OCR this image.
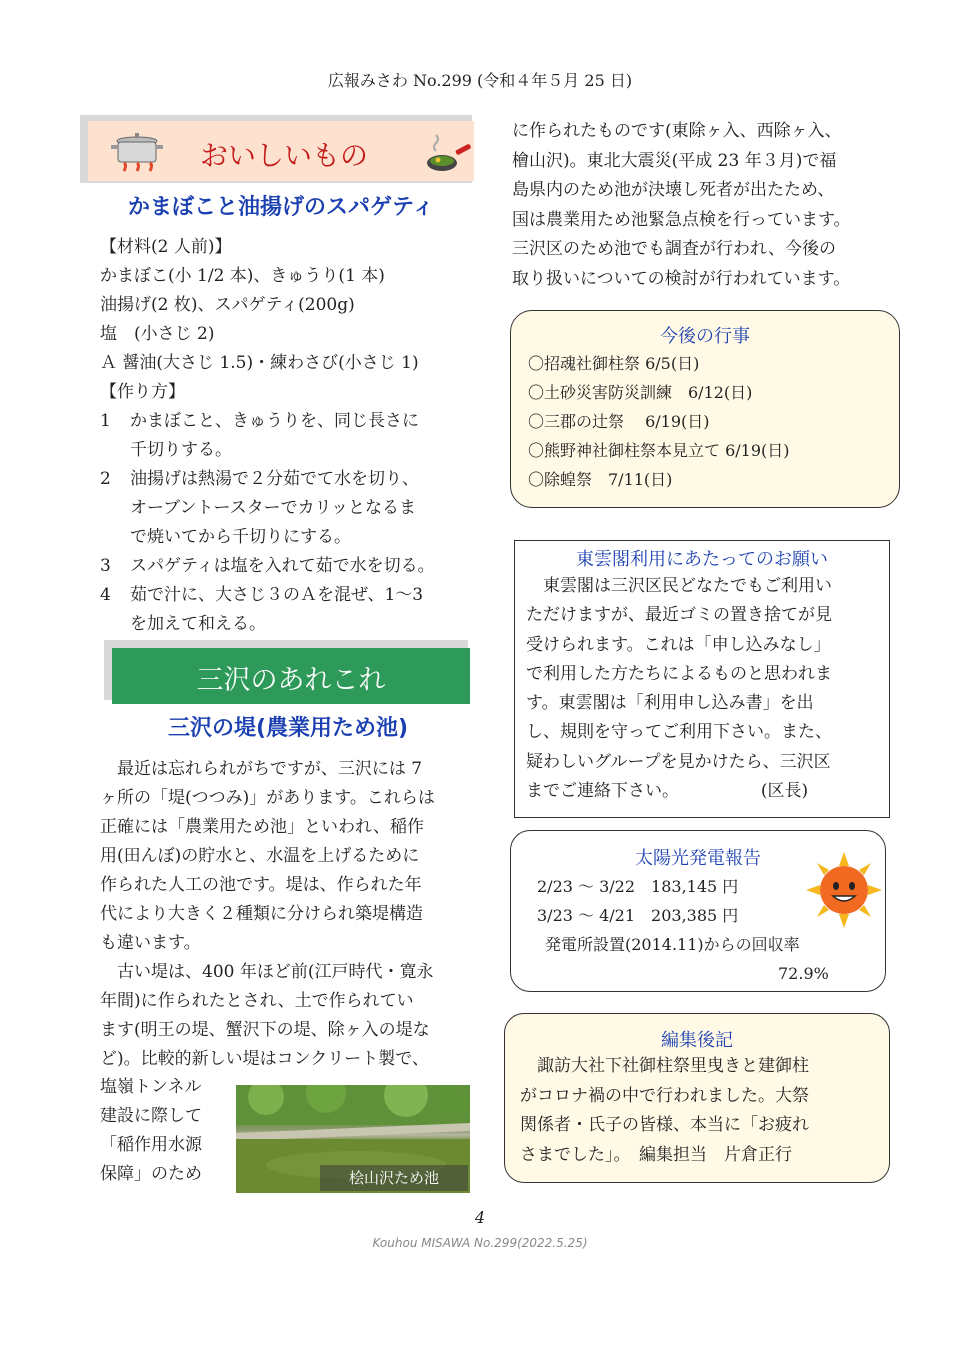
広報みさわ No.299 (令和４年５月 25 日)
おいしいもの
かまぼこと油揚げのスパゲティ
【材料(2 人前)】
かまぼこ(小 1/2 本)、きゅうり(1 本)
油揚げ(2 枚)、スパゲティ(200g)
塩　(小さじ 2)
Ａ 醤油(大さじ 1.5)・練わさび(小さじ 1)
【作り方】
1	かまぼこと、きゅうりを、同じ長さに
千切りする。
2	油揚げは熱湯で２分茹でて水を切り、
オーブントースターでカリッとなるま
で焼いてから千切りにする。
3	スパゲティは塩を入れて茹で水を切る。
4	茹で汁に、大さじ３のＡを混ぜ、1～3
を加えて和える。
三沢のあれこれ
三沢の堤(農業用ため池)
　最近は忘れられがちですが、三沢には 7
ヶ所の「堤(つつみ)」があります。これらは
正確には「農業用ため池」といわれ、稲作
用(田んぼ)の貯水と、水温を上げるために
作られた人工の池です。堤は、作られた年
代により大きく２種類に分けられ築堤構造
も違います。
　古い堤は、400 年ほど前(江戸時代・寛永
年間)に作られたとされ、土で作られてい
ます(明王の堤、蟹沢下の堤、除ヶ入の堤な
ど)。比較的新しい堤はコンクリート製で、
塩嶺トンネル
建設に際して
「稲作用水源
保障」のため	桧山沢ため池
に作られたものです(東除ヶ入、西除ヶ入、
檜山沢)。東北大震災(平成 23 年３月)で福
島県内のため池が決壊し死者が出たため、
国は農業用ため池緊急点検を行っています。
三沢区のため池でも調査が行われ、今後の
取り扱いについての検討が行われています。
今後の行事
〇招魂社御柱祭 6/5(日)
〇土砂災害防災訓練　6/12(日)
〇三郡の辻祭　 6/19(日)
〇熊野神社御柱祭本見立て 6/19(日)
〇除蝗祭　7/11(日)
東雲閣利用にあたってのお願い
　東雲閣は三沢区民どなたでもご利用い
ただけますが、最近ゴミの置き捨てが見
受けられます。これは「申し込みなし」
で利用した方たちによるものと思われま
す。東雲閣は「利用申し込み書」を出
し、規則を守ってご利用下さい。また、
疑わしいグループを見かけたら、三沢区
までご連絡下さい。　　　　 　(区長)
太陽光発電報告
2/23 ～ 3/22　183,145 円
3/23 ～ 4/21　203,385 円
発電所設置(2014.11)からの回収率
72.9%
編集後記
　諏訪大社下社御柱祭里曳きと建御柱
がコロナ禍の中で行われました。大祭
関係者・氏子の皆様、本当に「お疲れ
さまでした」。　編集担当　片倉正行
4
Kouhou MISAWA No.299(2022.5.25)
